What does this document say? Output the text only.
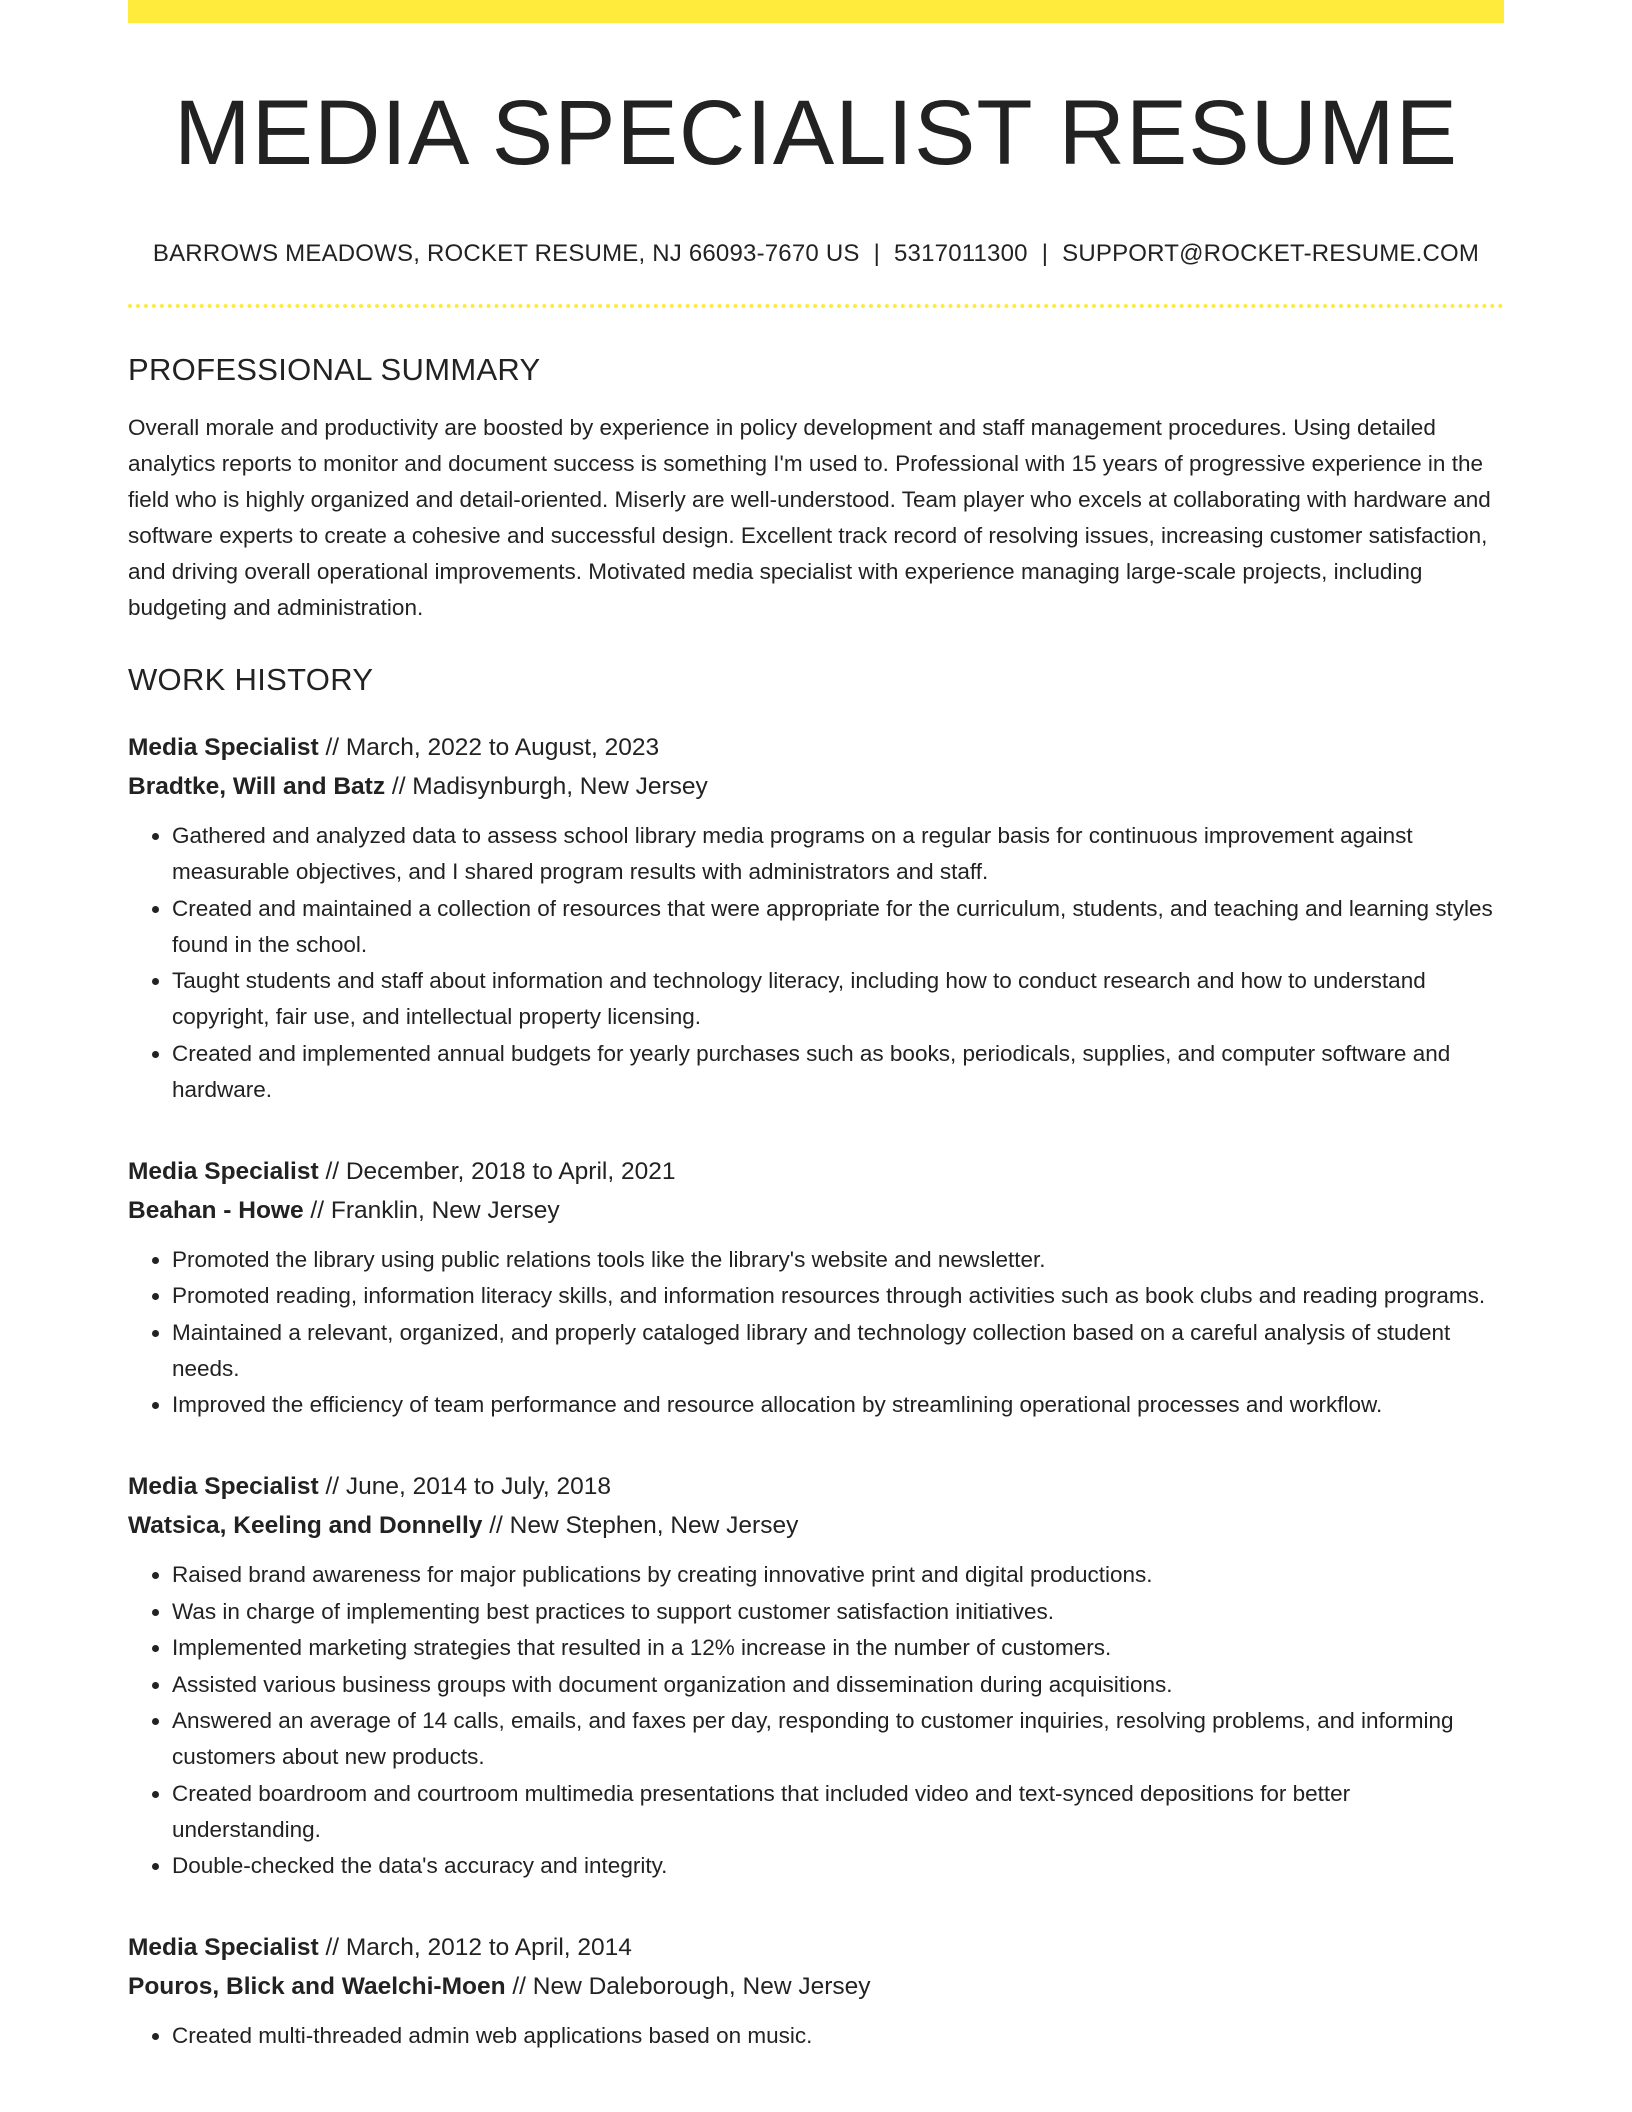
MEDIA SPECIALIST RESUME
BARROWS MEADOWS, ROCKET RESUME, NJ 66093-7670 US | 5317011300 | SUPPORT@ROCKET-RESUME.COM
PROFESSIONAL SUMMARY
Overall morale and productivity are boosted by experience in policy development and staff management procedures. Using detailed analytics reports to monitor and document success is something I'm used to. Professional with 15 years of progressive experience in the field who is highly organized and detail-oriented. Miserly are well-understood. Team player who excels at collaborating with hardware and software experts to create a cohesive and successful design. Excellent track record of resolving issues, increasing customer satisfaction, and driving overall operational improvements. Motivated media specialist with experience managing large-scale projects, including budgeting and administration.
WORK HISTORY
Media Specialist // March, 2022 to August, 2023
Bradtke, Will and Batz // Madisynburgh, New Jersey
• Gathered and analyzed data to assess school library media programs on a regular basis for continuous improvement against measurable objectives, and I shared program results with administrators and staff.
• Created and maintained a collection of resources that were appropriate for the curriculum, students, and teaching and learning styles found in the school.
• Taught students and staff about information and technology literacy, including how to conduct research and how to understand copyright, fair use, and intellectual property licensing.
• Created and implemented annual budgets for yearly purchases such as books, periodicals, supplies, and computer software and hardware.
Media Specialist // December, 2018 to April, 2021
Beahan - Howe // Franklin, New Jersey
• Promoted the library using public relations tools like the library's website and newsletter.
• Promoted reading, information literacy skills, and information resources through activities such as book clubs and reading programs.
• Maintained a relevant, organized, and properly cataloged library and technology collection based on a careful analysis of student needs.
• Improved the efficiency of team performance and resource allocation by streamlining operational processes and workflow.
Media Specialist // June, 2014 to July, 2018
Watsica, Keeling and Donnelly // New Stephen, New Jersey
• Raised brand awareness for major publications by creating innovative print and digital productions.
• Was in charge of implementing best practices to support customer satisfaction initiatives.
• Implemented marketing strategies that resulted in a 12% increase in the number of customers.
• Assisted various business groups with document organization and dissemination during acquisitions.
• Answered an average of 14 calls, emails, and faxes per day, responding to customer inquiries, resolving problems, and informing customers about new products.
• Created boardroom and courtroom multimedia presentations that included video and text-synced depositions for better understanding.
• Double-checked the data's accuracy and integrity.
Media Specialist // March, 2012 to April, 2014
Pouros, Blick and Waelchi-Moen // New Daleborough, New Jersey
• Created multi-threaded admin web applications based on music.
